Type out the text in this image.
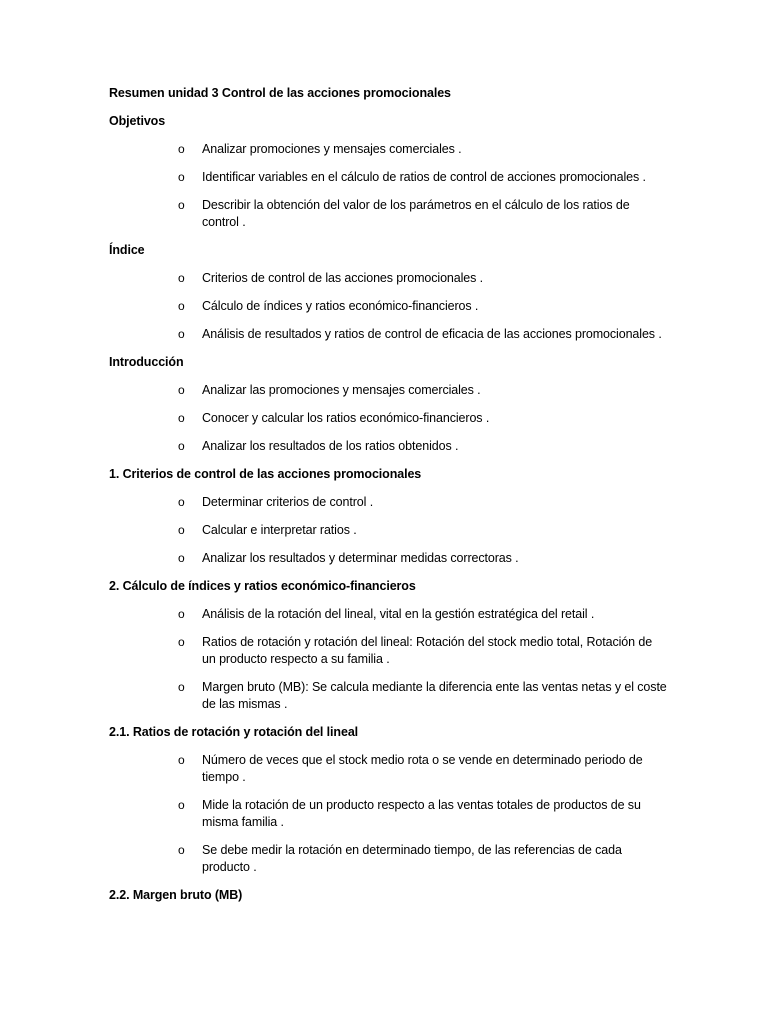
Resumen unidad 3 Control de las acciones promocionales
Objetivos
o Analizar promociones y mensajes comerciales .
o Identificar variables en el cálculo de ratios de control de acciones promocionales .
o Describir la obtención del valor de los parámetros en el cálculo de los ratios de control .
Índice
o Criterios de control de las acciones promocionales .
o Cálculo de índices y ratios económico-financieros .
o Análisis de resultados y ratios de control de eficacia de las acciones promocionales .
Introducción
o Analizar las promociones y mensajes comerciales .
o Conocer y calcular los ratios económico-financieros .
o Analizar los resultados de los ratios obtenidos .
1. Criterios de control de las acciones promocionales
o Determinar criterios de control .
o Calcular e interpretar ratios .
o Analizar los resultados y determinar medidas correctoras .
2. Cálculo de índices y ratios económico-financieros
o Análisis de la rotación del lineal, vital en la gestión estratégica del retail .
o Ratios de rotación y rotación del lineal: Rotación del stock medio total, Rotación de un producto respecto a su familia .
o Margen bruto (MB): Se calcula mediante la diferencia ente las ventas netas y el coste de las mismas .
2.1. Ratios de rotación y rotación del lineal
o Número de veces que el stock medio rota o se vende en determinado periodo de tiempo .
o Mide la rotación de un producto respecto a las ventas totales de productos de su misma familia .
o Se debe medir la rotación en determinado tiempo, de las referencias de cada producto .
2.2. Margen bruto (MB)
